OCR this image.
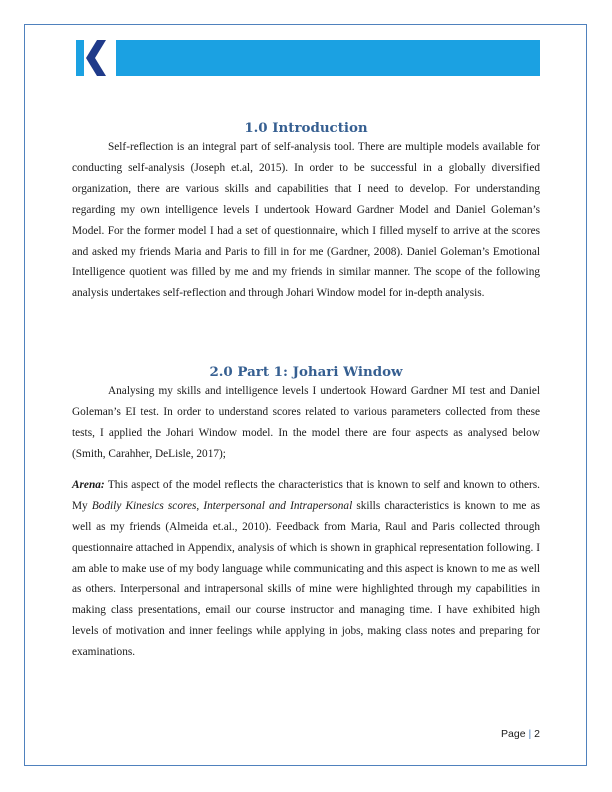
1.0 Introduction

Self-reflection is an integral part of self-analysis tool. There are multiple models available for conducting self-analysis (Joseph et.al, 2015). In order to be successful in a globally diversified organization, there are various skills and capabilities that I need to develop. For understanding regarding my own intelligence levels I undertook Howard Gardner Model and Daniel Goleman’s Model. For the former model I had a set of questionnaire, which I filled myself to arrive at the scores and asked my friends Maria and Paris to fill in for me (Gardner, 2008). Daniel Goleman’s Emotional Intelligence quotient was filled by me and my friends in similar manner. The scope of the following analysis undertakes self-reflection and through Johari Window model for in-depth analysis.

2.0 Part 1: Johari Window

Analysing my skills and intelligence levels I undertook Howard Gardner MI test and Daniel Goleman’s EI test. In order to understand scores related to various parameters collected from these tests, I applied the Johari Window model. In the model there are four aspects as analysed below (Smith, Carahher, DeLisle, 2017);

Arena: This aspect of the model reflects the characteristics that is known to self and known to others. My Bodily Kinesics scores, Interpersonal and Intrapersonal skills characteristics is known to me as well as my friends (Almeida et.al., 2010). Feedback from Maria, Raul and Paris collected through questionnaire attached in Appendix, analysis of which is shown in graphical representation following. I am able to make use of my body language while communicating and this aspect is known to me as well as others. Interpersonal and intrapersonal skills of mine were highlighted through my capabilities in making class presentations, email our course instructor and managing time. I have exhibited high levels of motivation and inner feelings while applying in jobs, making class notes and preparing for examinations.

Page | 2
